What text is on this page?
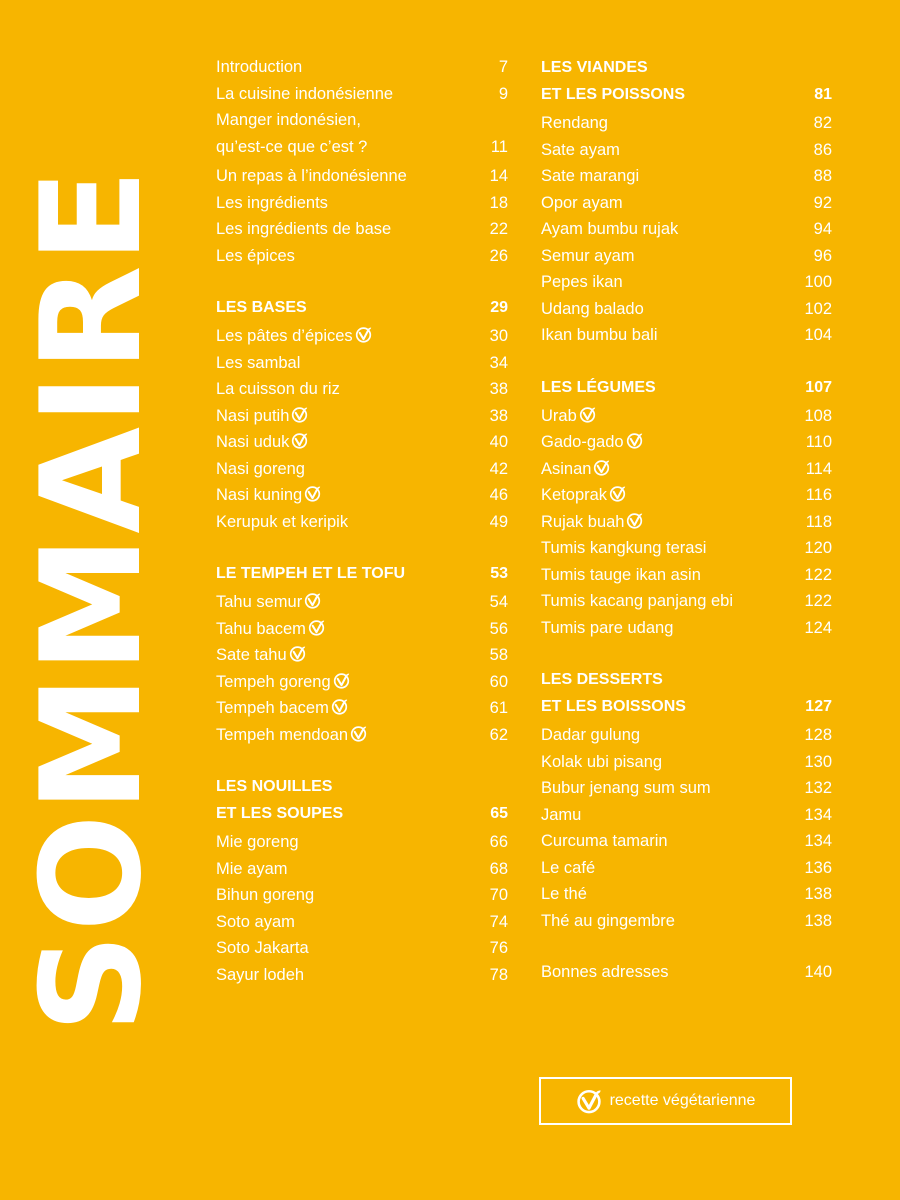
SOMMAIRE
Introduction	7
La cuisine indonésienne	9
Manger indonésien,
qu’est-ce que c’est ?	11
Un repas à l’indonésienne	14
Les ingrédients	18
Les ingrédients de base	22
Les épices	26
LES BASES	29
Les pâtes d’épices	30
Les sambal	34
La cuisson du riz	38
Nasi putih	38
Nasi uduk	40
Nasi goreng	42
Nasi kuning	46
Kerupuk et keripik	49
LE TEMPEH ET LE TOFU	53
Tahu semur	54
Tahu bacem	56
Sate tahu	58
Tempeh goreng	60
Tempeh bacem	61
Tempeh mendoan	62
LES NOUILLES
ET LES SOUPES	65
Mie goreng	66
Mie ayam	68
Bihun goreng	70
Soto ayam	74
Soto Jakarta	76
Sayur lodeh	78
LES VIANDES
ET LES POISSONS	81
Rendang	82
Sate ayam	86
Sate marangi	88
Opor ayam	92
Ayam bumbu rujak	94
Semur ayam	96
Pepes ikan	100
Udang balado	102
Ikan bumbu bali	104
LES LÉGUMES	107
Urab	108
Gado-gado	110
Asinan	114
Ketoprak	116
Rujak buah	118
Tumis kangkung terasi	120
Tumis tauge ikan asin	122
Tumis kacang panjang ebi	122
Tumis pare udang	124
LES DESSERTS
ET LES BOISSONS	127
Dadar gulung	128
Kolak ubi pisang	130
Bubur jenang sum sum	132
Jamu	134
Curcuma tamarin	134
Le café	136
Le thé	138
Thé au gingembre	138
Bonnes adresses	140
recette végétarienne
